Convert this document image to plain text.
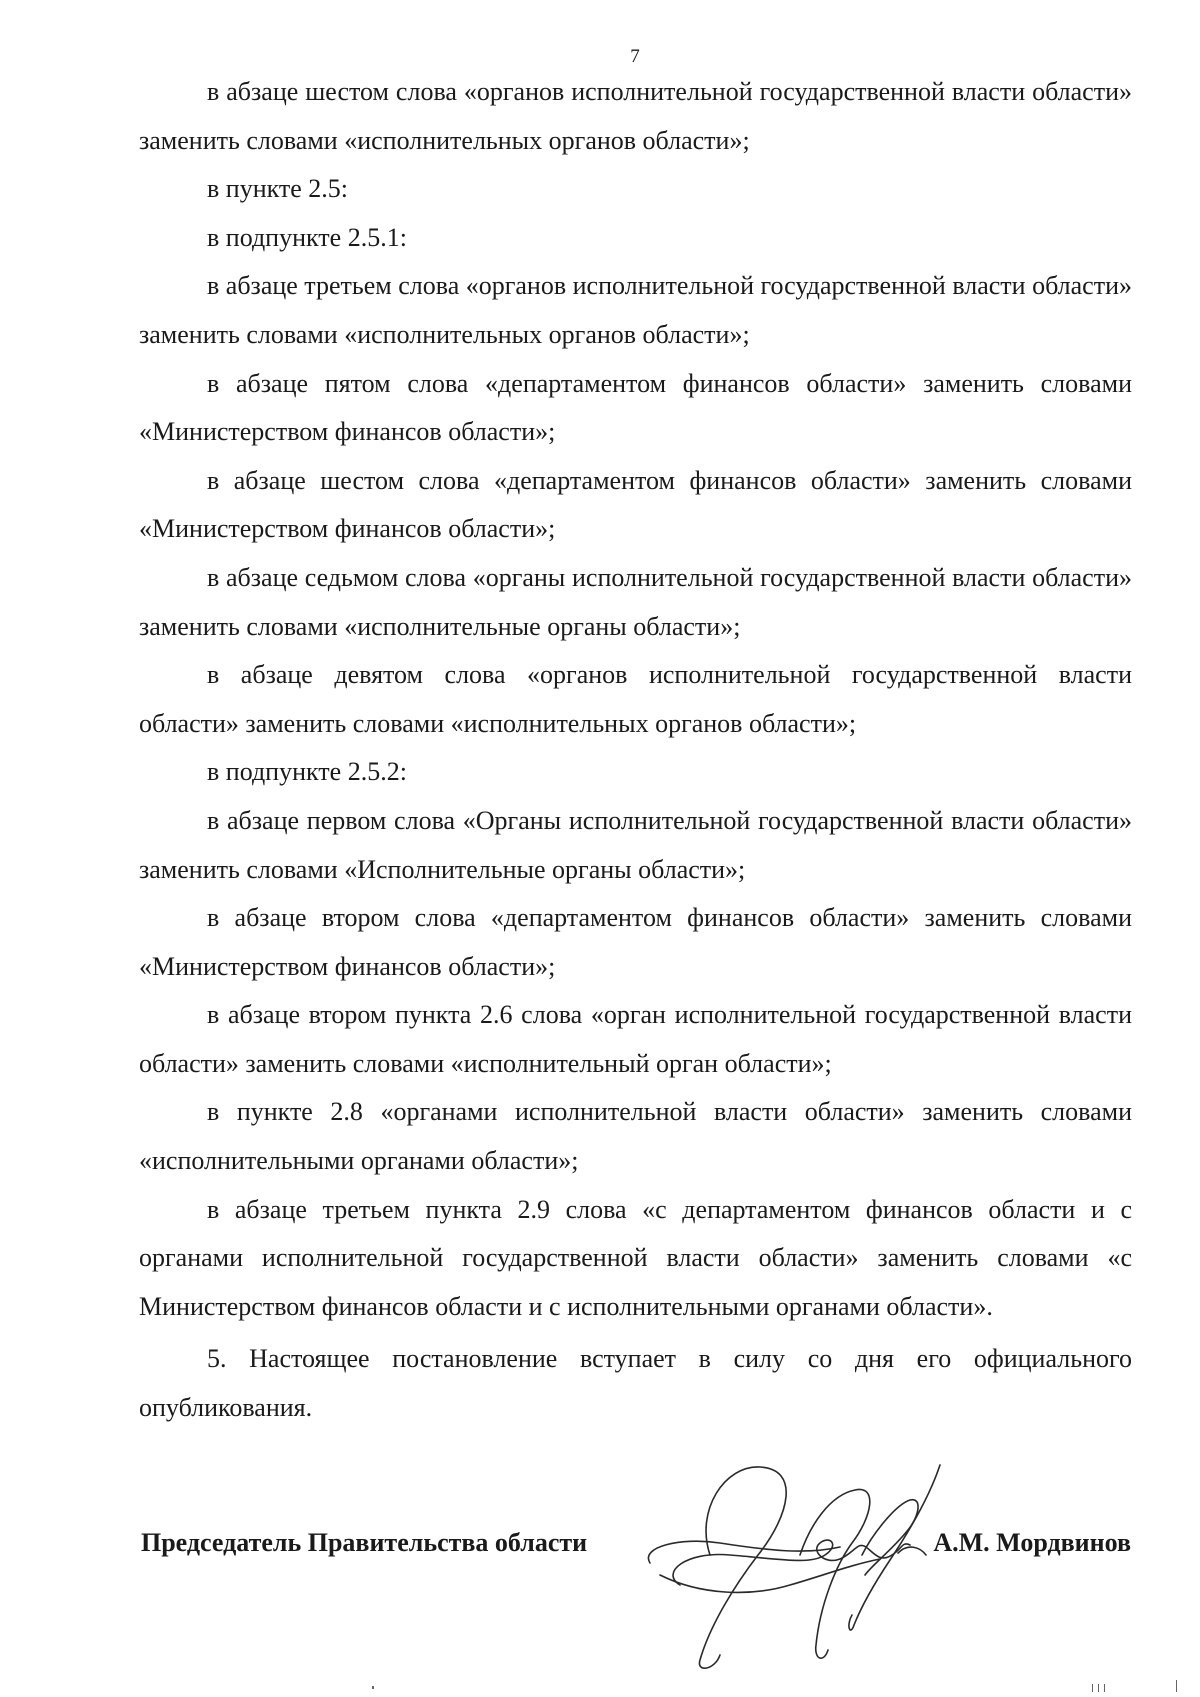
7

в абзаце шестом слова «органов исполнительной государственной власти области» заменить словами «исполнительных органов области»;

в пункте 2.5:

в подпункте 2.5.1:

в абзаце третьем слова «органов исполнительной государственной власти области» заменить словами «исполнительных органов области»;

в абзаце пятом слова «департаментом финансов области» заменить словами «Министерством финансов области»;

в абзаце шестом слова «департаментом финансов области» заменить словами «Министерством финансов области»;

в абзаце седьмом слова «органы исполнительной государственной власти области» заменить словами «исполнительные органы области»;

в абзаце девятом слова «органов исполнительной государственной власти области» заменить словами «исполнительных органов области»;

в подпункте 2.5.2:

в абзаце первом слова «Органы исполнительной государственной власти области» заменить словами «Исполнительные органы области»;

в абзаце втором слова «департаментом финансов области» заменить словами «Министерством финансов области»;

в абзаце втором пункта 2.6 слова «орган исполнительной государственной власти области» заменить словами «исполнительный орган области»;

в пункте 2.8 «органами исполнительной власти области» заменить словами «исполнительными органами области»;

в абзаце третьем пункта 2.9 слова «с департаментом финансов области и с органами исполнительной государственной власти области» заменить словами «с Министерством финансов области и с исполнительными органами области».

5. Настоящее постановление вступает в силу со дня его официального опубликования.

Председатель Правительства области	А.М. Мордвинов
